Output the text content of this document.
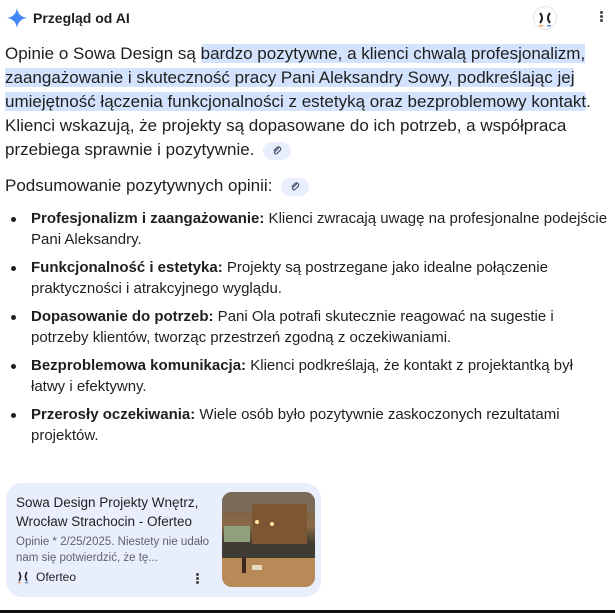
Przegląd od AI

Opinie o Sowa Design są bardzo pozytywne, a klienci chwalą profesjonalizm, zaangażowanie i skuteczność pracy Pani Aleksandry Sowy, podkreślając jej umiejętność łączenia funkcjonalności z estetyką oraz bezproblemowy kontakt. Klienci wskazują, że projekty są dopasowane do ich potrzeb, a współpraca przebiega sprawnie i pozytywnie.

Podsumowanie pozytywnych opinii:
Profesjonalizm i zaangażowanie: Klienci zwracają uwagę na profesjonalne podejście Pani Aleksandry.
Funkcjonalność i estetyka: Projekty są postrzegane jako idealne połączenie praktyczności i atrakcyjnego wyglądu.
Dopasowanie do potrzeb: Pani Ola potrafi skutecznie reagować na sugestie i potrzeby klientów, tworząc przestrzeń zgodną z oczekiwaniami.
Bezproblemowa komunikacja: Klienci podkreślają, że kontakt z projektantką był łatwy i efektywny.
Przerosły oczekiwania: Wiele osób było pozytywnie zaskoczonych rezultatami projektów.
Sowa Design Projekty Wnętrz, Wrocław Strachocin - Oferteo
Opinie * 2/25/2025. Niestety nie udało nam się potwierdzić, że tę...
Oferteo
